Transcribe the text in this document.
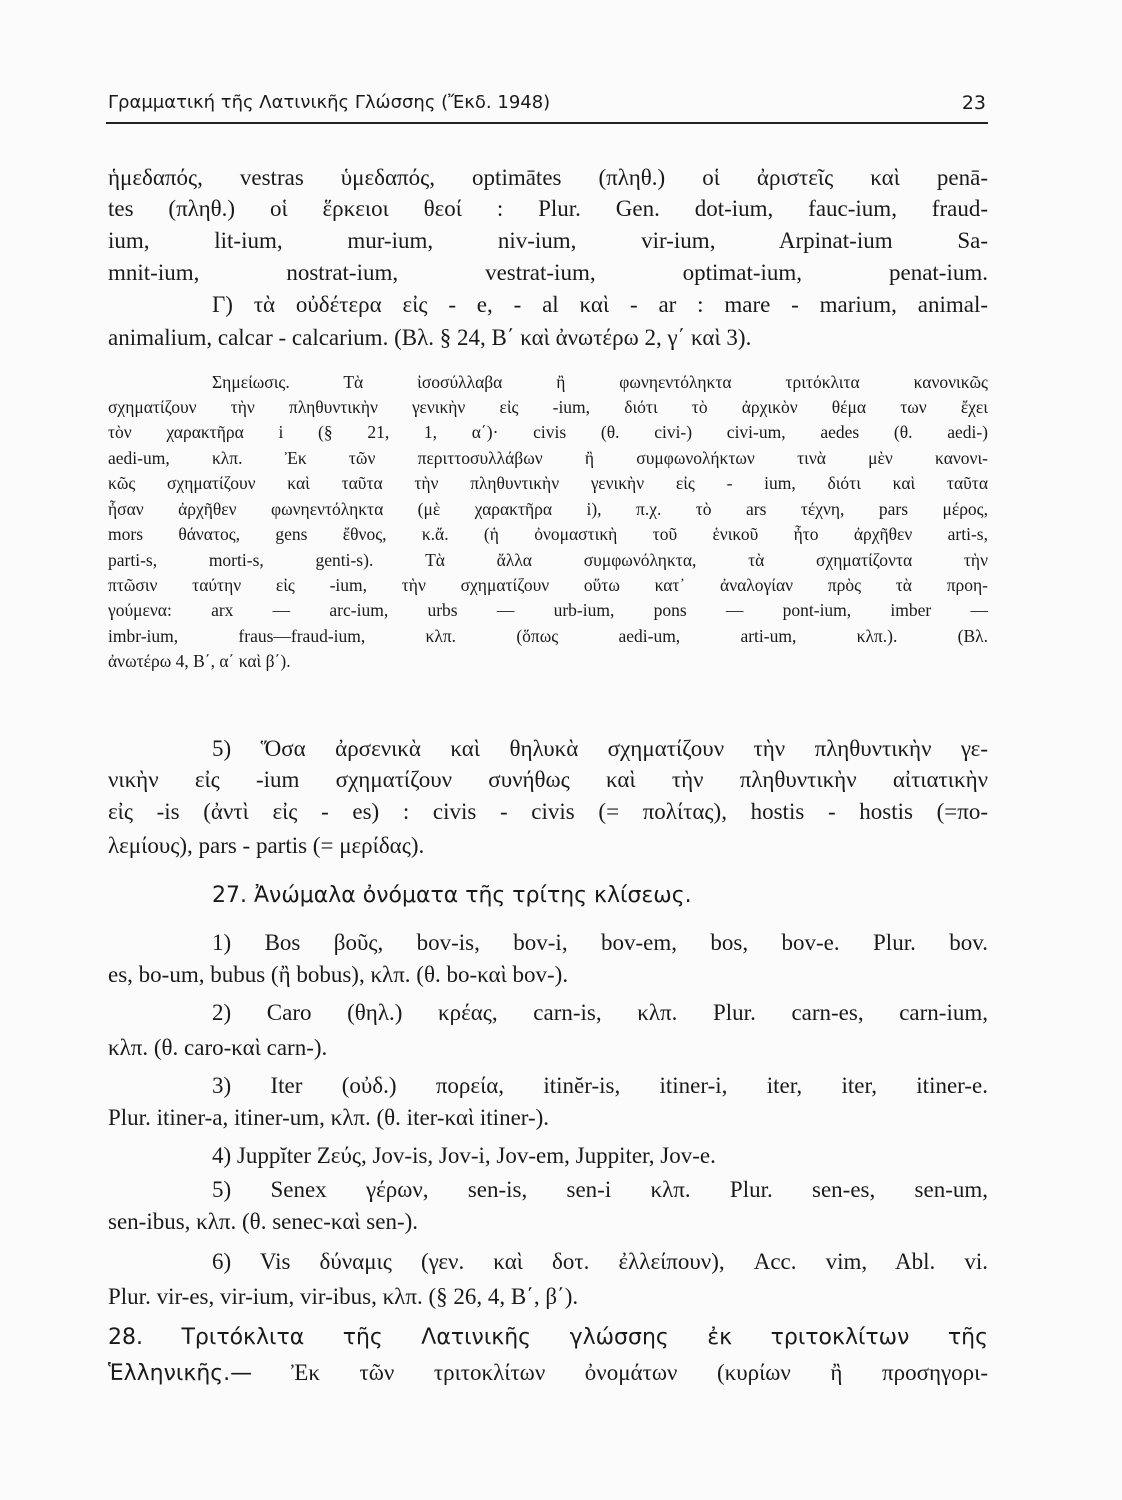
Γραμματική τῆς Λατινικῆς Γλώσσης (Ἔκδ. 1948)	23
ἡμεδαπός, vestras ὑμεδαπός, optimātes (πληθ.) οἱ ἀριστεῖς καὶ penā-
tes (πληθ.) οἱ ἕρκειοι θεοί : Plur. Gen. dot-ium, fauc-ium, fraud-
ium, lit-ium, mur-ium, niv-ium, vir-ium, Arpinat-ium Sa-
mnit-ium, nostrat-ium, vestrat-ium, optimat-ium, penat-ium.
Γ) τὰ οὐδέτερα εἰς - e, - al καὶ - ar : mare - marium, animal-
animalium, calcar - calcarium. (Βλ. § 24, Β΄ καὶ ἀνωτέρω 2, γ΄ καὶ 3).
Σημείωσις. Τὰ ἰσοσύλλαβα ἢ φωνηεντόληκτα τριτόκλιτα κανονικῶς
σχηματίζουν τὴν πληθυντικὴν γενικὴν εἰς -ium, διότι τὸ ἀρχικὸν θέμα των ἔχει
τὸν χαρακτῆρα i (§ 21, 1, α΄)· civis (θ. civi-) civi-um, aedes (θ. aedi-)
aedi-um, κλπ. Ἐκ τῶν περιττοσυλλάβων ἢ συμφωνολήκτων τινὰ μὲν κανονι-
κῶς σχηματίζουν καὶ ταῦτα τὴν πληθυντικὴν γενικὴν εἰς - ium, διότι καὶ ταῦτα
ἦσαν ἀρχῆθεν φωνηεντόληκτα (μὲ χαρακτῆρα i), π.χ. τὸ ars τέχνη, pars μέρος,
mors θάνατος, gens ἔθνος, κ.ἄ. (ἡ ὀνομαστικὴ τοῦ ἑνικοῦ ἦτο ἀρχῆθεν arti-s,
parti-s, morti-s, genti-s). Τὰ ἄλλα συμφωνόληκτα, τὰ σχηματίζοντα τὴν
πτῶσιν ταύτην εἰς -ium, τὴν σχηματίζουν οὕτω κατ᾽ ἀναλογίαν πρὸς τὰ προη-
γούμενα: arx — arc-ium, urbs — urb-ium, pons — pont-ium, imber —
imbr-ium, fraus—fraud-ium, κλπ. (ὅπως aedi-um, arti-um, κλπ.). (Βλ.
ἀνωτέρω 4, Β΄, α΄ καὶ β΄).
5) Ὅσα ἀρσενικὰ καὶ θηλυκὰ σχηματίζουν τὴν πληθυντικὴν γε-
νικὴν εἰς -ium σχηματίζουν συνήθως καὶ τὴν πληθυντικὴν αἰτιατικὴν
εἰς -is (ἀντὶ εἰς - es) : civis - civis (= πολίτας), hostis - hostis (=πο-
λεμίους), pars - partis (= μερίδας).
27. Ἀνώμαλα ὀνόματα τῆς τρίτης κλίσεως.
1) Bos βοῦς, bov-is, bov-i, bov-em, bos, bov-e. Plur. bov.
es, bo-um, bubus (ἢ bobus), κλπ. (θ. bo-καὶ bov-).
2) Caro (θηλ.) κρέας, carn-is, κλπ. Plur. carn-es, carn-ium,
κλπ. (θ. caro-καὶ carn-).
3) Iter (οὐδ.) πορεία, itinĕr-is, itiner-i, iter, iter, itiner-e.
Plur. itiner-a, itiner-um, κλπ. (θ. iter-καὶ itiner-).
4) Juppĭter Ζεύς, Jov-is, Jov-i, Jov-em, Juppiter, Jov-e.
5) Senex γέρων, sen-is, sen-i κλπ. Plur. sen-es, sen-um,
sen-ibus, κλπ. (θ. senec-καὶ sen-).
6) Vis δύναμις (γεν. καὶ δοτ. ἐλλείπουν), Acc. vim, Abl. vi.
Plur. vir-es, vir-ium, vir-ibus, κλπ. (§ 26, 4, Β΄, β΄).
28. Τριτόκλιτα τῆς Λατινικῆς γλώσσης ἐκ τριτοκλίτων τῆς
Ἑλληνικῆς.— Ἐκ τῶν τριτοκλίτων ὀνομάτων (κυρίων ἢ προσηγορι-
